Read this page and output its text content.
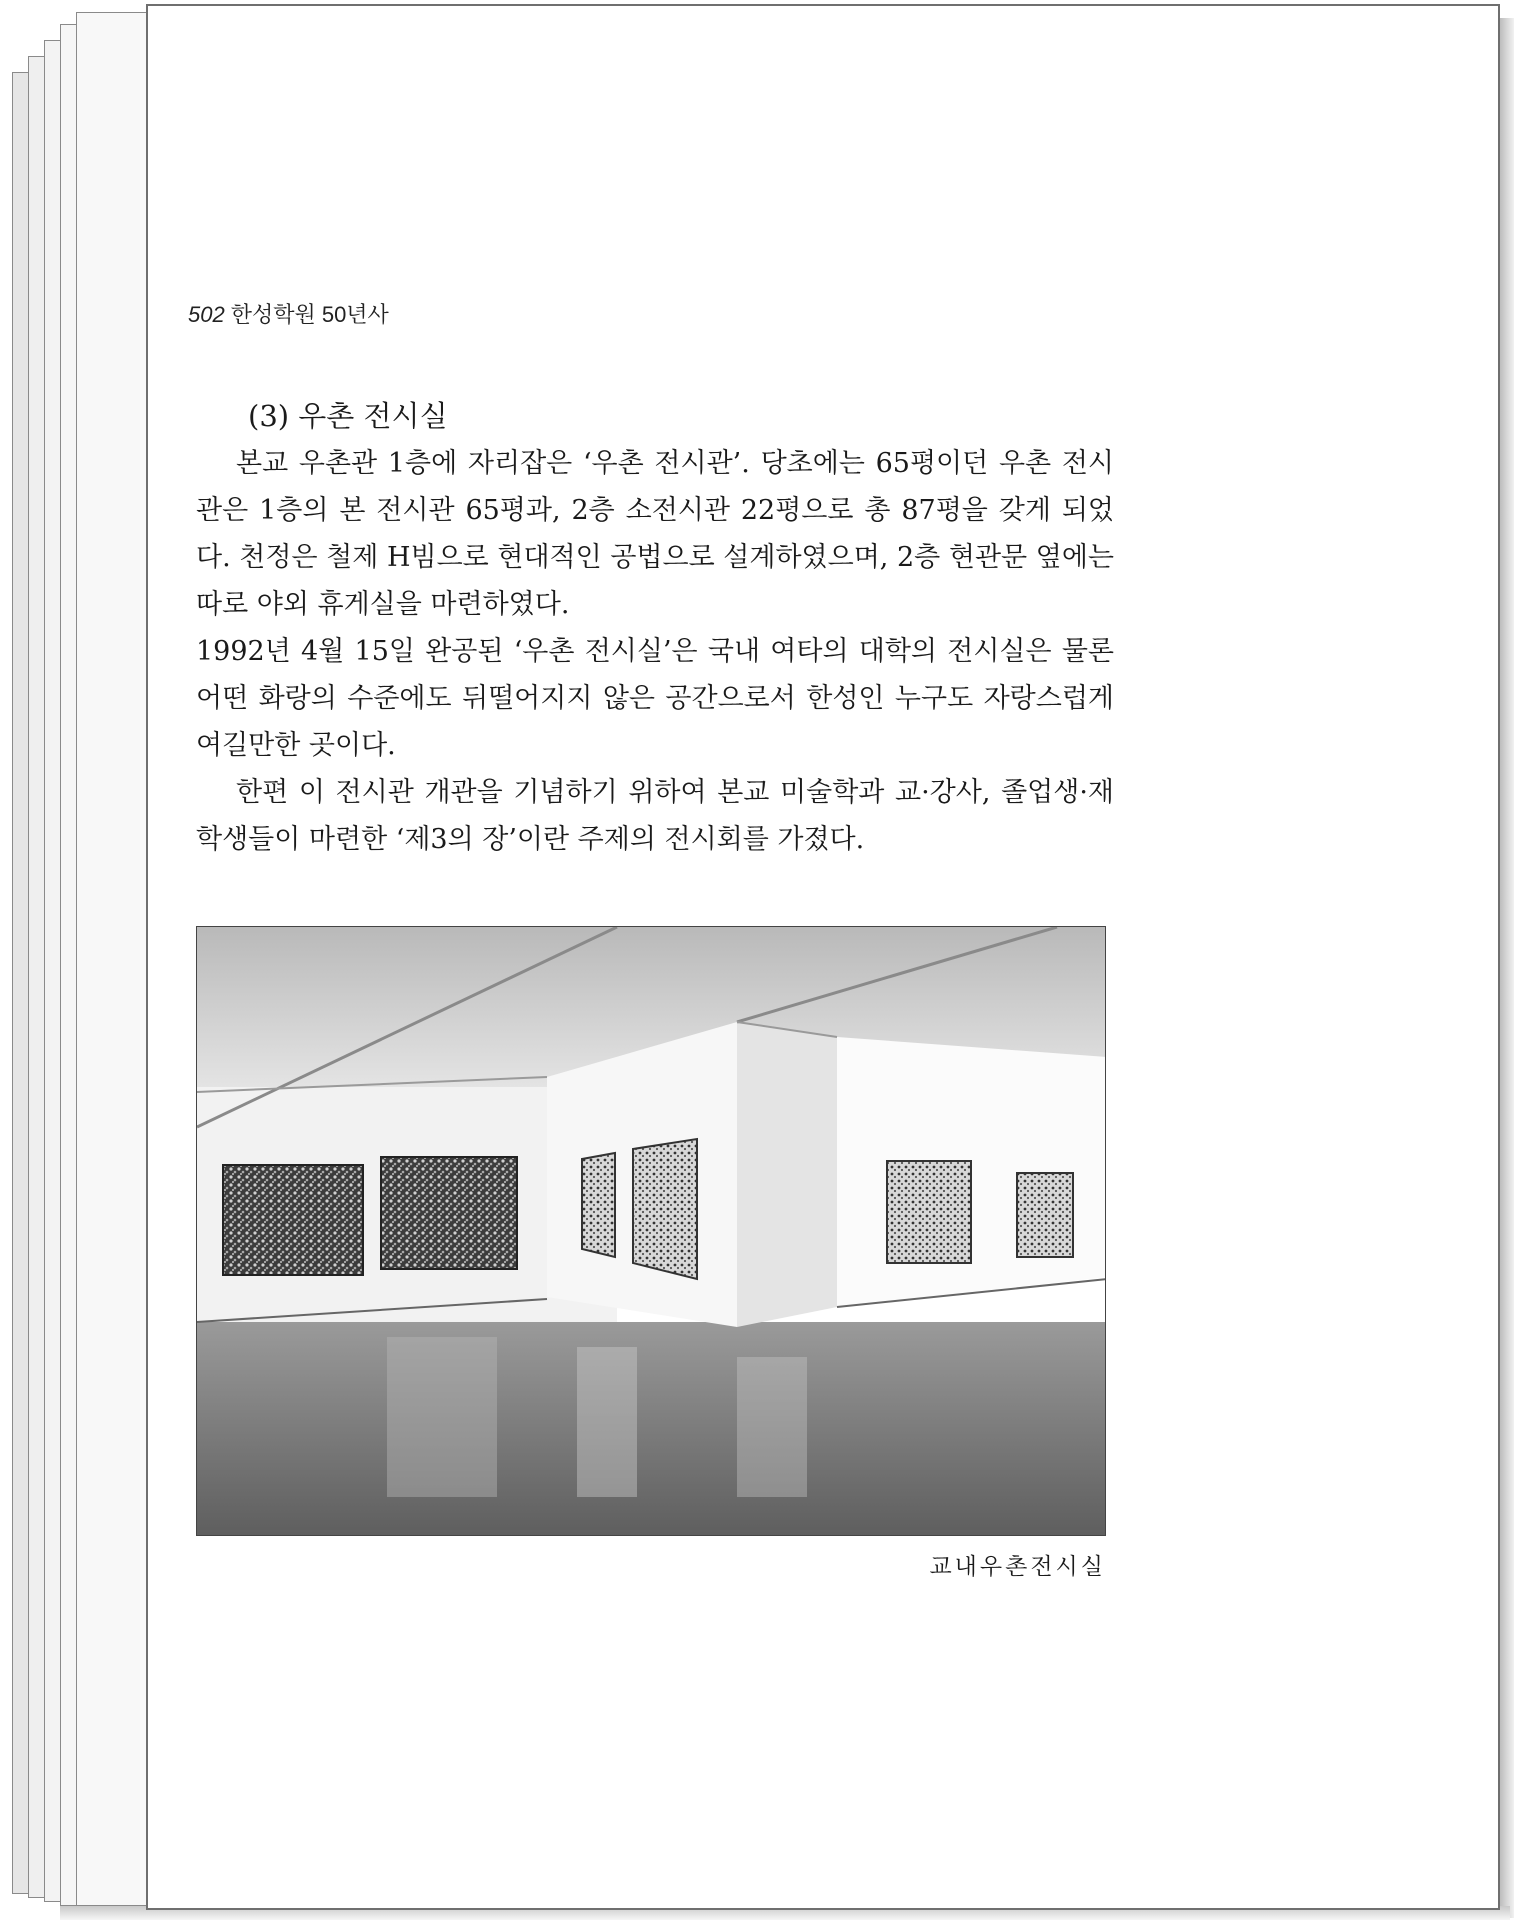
502 한성학원 50년사
(3) 우촌 전시실

본교 우촌관 1층에 자리잡은 ‘우촌 전시관’. 당초에는 65평이던 우촌 전시관은 1층의 본 전시관 65평과, 2층 소전시관 22평으로 총 87평을 갖게 되었다. 천정은 철제 H빔으로 현대적인 공법으로 설계하였으며, 2층 현관문 옆에는 따로 야외 휴게실을 마련하였다.

1992년 4월 15일 완공된 ‘우촌 전시실’은 국내 여타의 대학의 전시실은 물론 어떤 화랑의 수준에도 뒤떨어지지 않은 공간으로서 한성인 누구도 자랑스럽게 여길만한 곳이다.

한편 이 전시관 개관을 기념하기 위하여 본교 미술학과 교·강사, 졸업생·재학생들이 마련한 ‘제3의 장’이란 주제의 전시회를 가졌다.

교내우촌전시실
